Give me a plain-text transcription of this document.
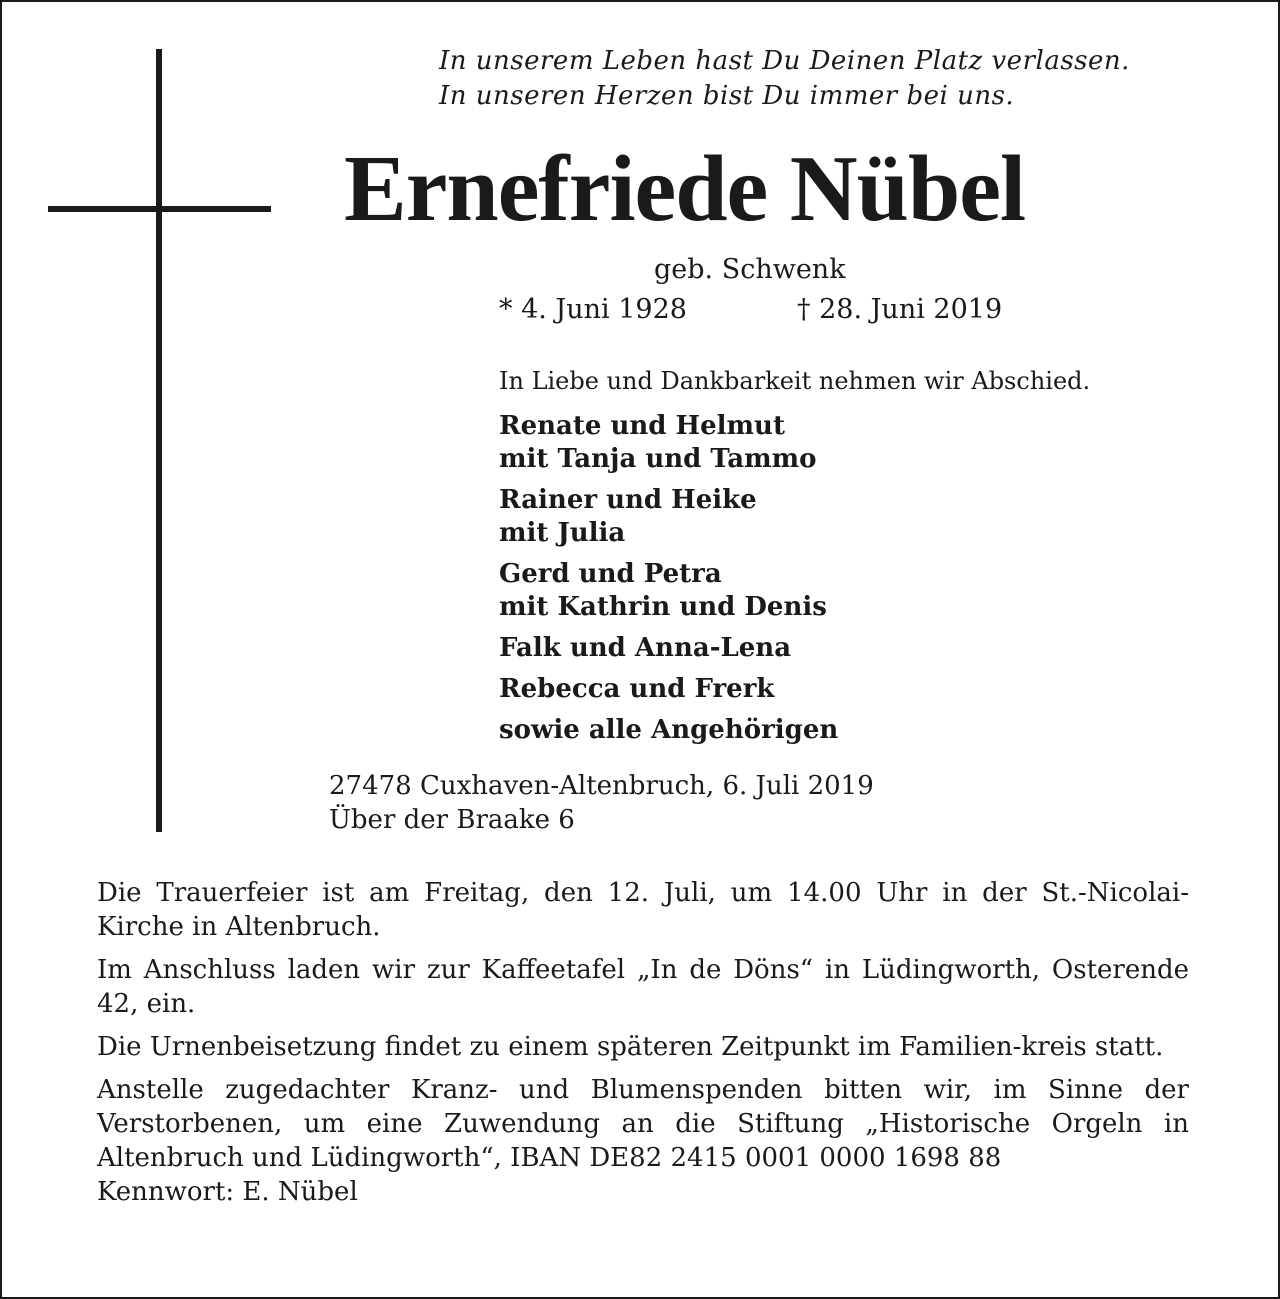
In unserem Leben hast Du Deinen Platz verlassen.
In unseren Herzen bist Du immer bei uns.
Ernefriede Nübel
geb. Schwenk
* 4. Juni 1928	† 28. Juni 2019
In Liebe und Dankbarkeit nehmen wir Abschied.
Renate und Helmut
mit Tanja und Tammo
Rainer und Heike
mit Julia
Gerd und Petra
mit Kathrin und Denis
Falk und Anna-Lena
Rebecca und Frerk
sowie alle Angehörigen
27478 Cuxhaven-Altenbruch, 6. Juli 2019
Über der Braake 6

Die Trauerfeier ist am Freitag, den 12. Juli, um 14.00 Uhr in der St.-Nicolai-Kirche in Altenbruch.

Im Anschluss laden wir zur Kaffeetafel „In de Döns“ in Lüdingworth, Osterende 42, ein.

Die Urnenbeisetzung findet zu einem späteren Zeitpunkt im Familien-kreis statt.

Anstelle zugedachter Kranz- und Blumenspenden bitten wir, im Sinne der Verstorbenen, um eine Zuwendung an die Stiftung „Historische Orgeln in Altenbruch und Lüdingworth“, IBAN DE82 2415 0001 0000 1698 88

Kennwort: E. Nübel
